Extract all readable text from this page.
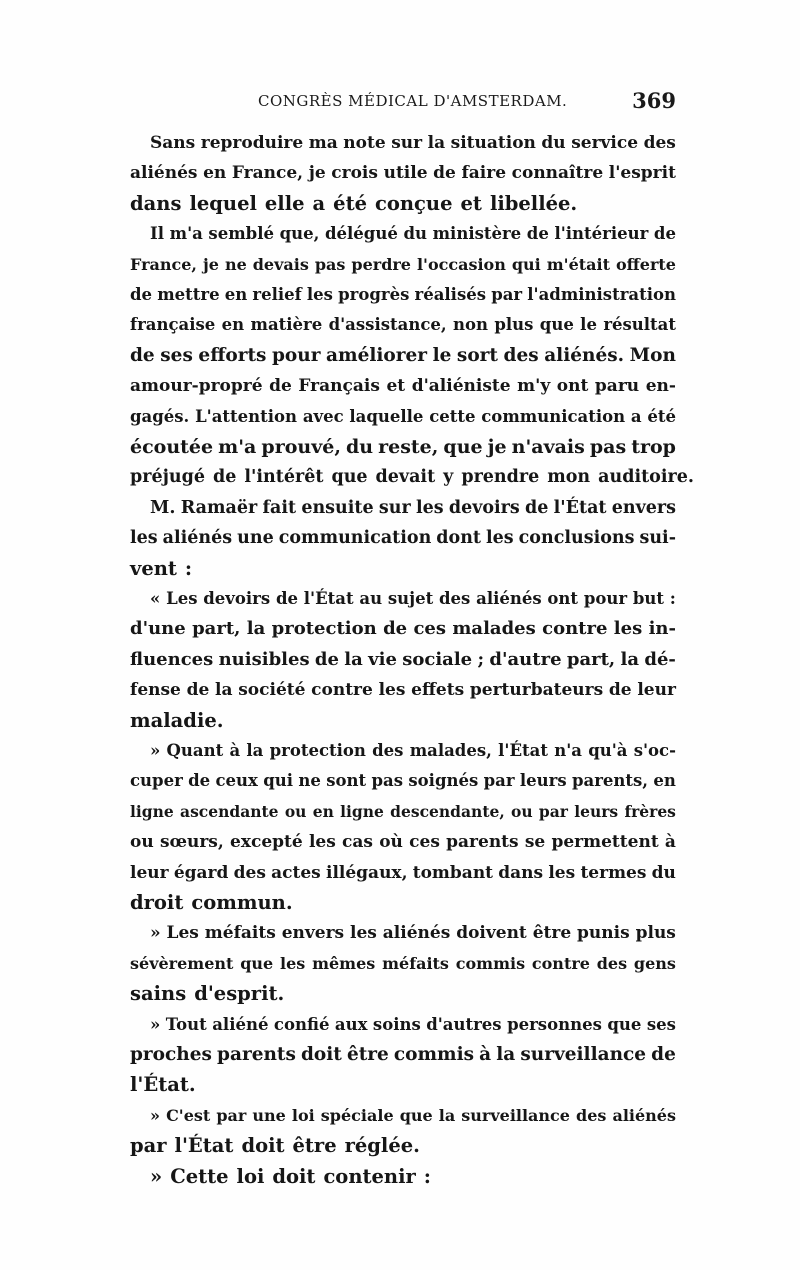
CONGRÈS MÉDICAL D'AMSTERDAM.	369
Sans reproduire ma note sur la situation du service des
aliénés en France, je crois utile de faire connaître l'esprit
dans lequel elle a été conçue et libellée.
Il m'a semblé que, délégué du ministère de l'intérieur de
France, je ne devais pas perdre l'occasion qui m'était offerte
de mettre en relief les progrès réalisés par l'administration
française en matière d'assistance, non plus que le résultat
de ses efforts pour améliorer le sort des aliénés. Mon
amour-propré de Français et d'aliéniste m'y ont paru en-
gagés. L'attention avec laquelle cette communication a été
écoutée m'a prouvé, du reste, que je n'avais pas trop
préjugé de l'intérêt que devait y prendre mon auditoire.
M. Ramaër fait ensuite sur les devoirs de l'État envers
les aliénés une communication dont les conclusions sui-
vent :
« Les devoirs de l'État au sujet des aliénés ont pour but :
d'une part, la protection de ces malades contre les in-
fluences nuisibles de la vie sociale ; d'autre part, la dé-
fense de la société contre les effets perturbateurs de leur
maladie.
» Quant à la protection des malades, l'État n'a qu'à s'oc-
cuper de ceux qui ne sont pas soignés par leurs parents, en
ligne ascendante ou en ligne descendante, ou par leurs frères
ou sœurs, excepté les cas où ces parents se permettent à
leur égard des actes illégaux, tombant dans les termes du
droit commun.
» Les méfaits envers les aliénés doivent être punis plus
sévèrement que les mêmes méfaits commis contre des gens
sains d'esprit.
» Tout aliéné confié aux soins d'autres personnes que ses
proches parents doit être commis à la surveillance de
l'État.
» C'est par une loi spéciale que la surveillance des aliénés
par l'État doit être réglée.
» Cette loi doit contenir :
